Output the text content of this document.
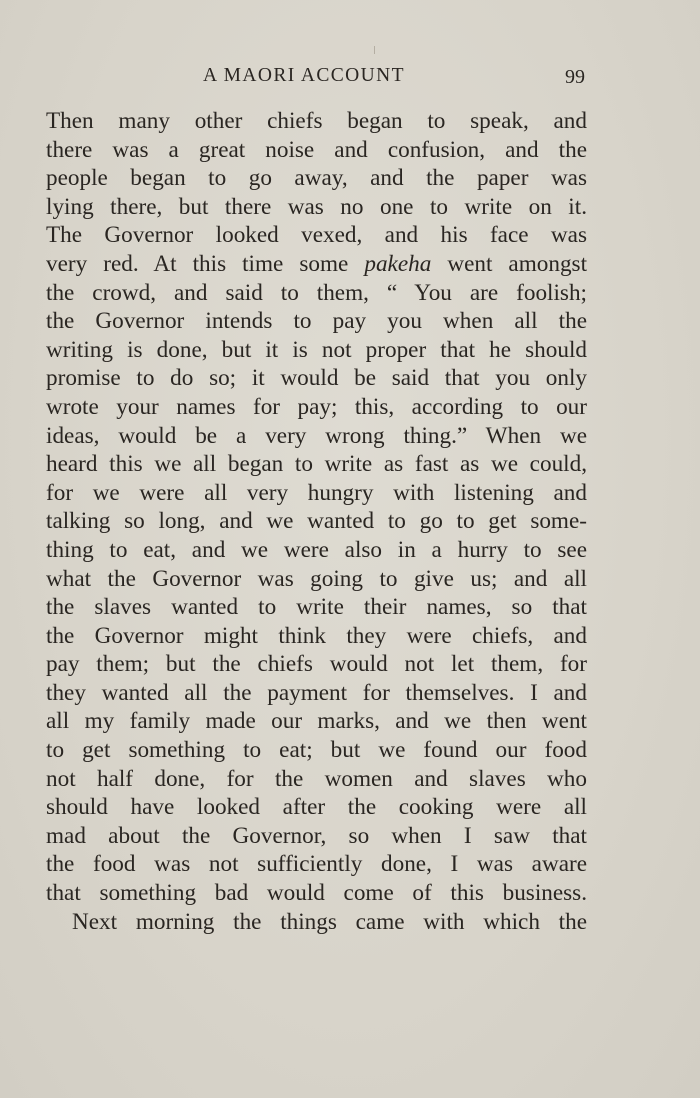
A MAORI ACCOUNT	99
Then many other chiefs began to speak, and
there was a great noise and confusion, and the
people began to go away, and the paper was
lying there, but there was no one to write on it.
The Governor looked vexed, and his face was
very red. At this time some pakeha went amongst
the crowd, and said to them, “ You are foolish;
the Governor intends to pay you when all the
writing is done, but it is not proper that he should
promise to do so; it would be said that you only
wrote your names for pay; this, according to our
ideas, would be a very wrong thing.” When we
heard this we all began to write as fast as we could,
for we were all very hungry with listening and
talking so long, and we wanted to go to get some-
thing to eat, and we were also in a hurry to see
what the Governor was going to give us; and all
the slaves wanted to write their names, so that
the Governor might think they were chiefs, and
pay them; but the chiefs would not let them, for
they wanted all the payment for themselves. I and
all my family made our marks, and we then went
to get something to eat; but we found our food
not half done, for the women and slaves who
should have looked after the cooking were all
mad about the Governor, so when I saw that
the food was not sufficiently done, I was aware
that something bad would come of this business.
Next morning the things came with which the
